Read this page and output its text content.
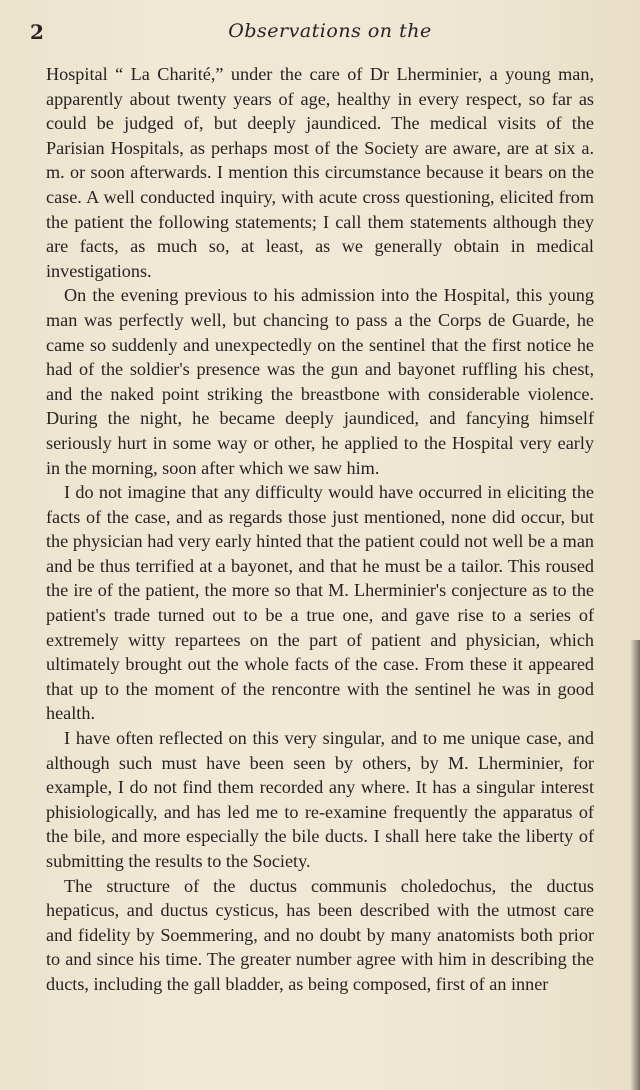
2	Observations on the

Hospital “ La Charité,” under the care of Dr Lherminier, a young man, apparently about twenty years of age, healthy in every respect, so far as could be judged of, but deeply jaundiced. The medical visits of the Parisian Hospitals, as perhaps most of the Society are aware, are at six a. m. or soon afterwards. I mention this circumstance because it bears on the case. A well conducted inquiry, with acute cross questioning, elicited from the patient the following statements; I call them statements although they are facts, as much so, at least, as we generally obtain in medical investigations.

On the evening previous to his admission into the Hospital, this young man was perfectly well, but chancing to pass a the Corps de Guarde, he came so suddenly and unexpectedly on the sentinel that the first notice he had of the soldier's presence was the gun and bayonet ruffling his chest, and the naked point striking the breastbone with considerable violence. During the night, he became deeply jaundiced, and fancying himself seriously hurt in some way or other, he applied to the Hospital very early in the morning, soon after which we saw him.

I do not imagine that any difficulty would have occurred in eliciting the facts of the case, and as regards those just mentioned, none did occur, but the physician had very early hinted that the patient could not well be a man and be thus terrified at a bayonet, and that he must be a tailor. This roused the ire of the patient, the more so that M. Lherminier's conjecture as to the patient's trade turned out to be a true one, and gave rise to a series of extremely witty repartees on the part of patient and physician, which ultimately brought out the whole facts of the case. From these it appeared that up to the moment of the rencontre with the sentinel he was in good health.

I have often reflected on this very singular, and to me unique case, and although such must have been seen by others, by M. Lherminier, for example, I do not find them recorded any where. It has a singular interest phisiologically, and has led me to re-examine frequently the apparatus of the bile, and more especially the bile ducts. I shall here take the liberty of submitting the results to the Society.

The structure of the ductus communis choledochus, the ductus hepaticus, and ductus cysticus, has been described with the utmost care and fidelity by Soemmering, and no doubt by many anatomists both prior to and since his time. The greater number agree with him in describing the ducts, including the gall bladder, as being composed, first of an inner
